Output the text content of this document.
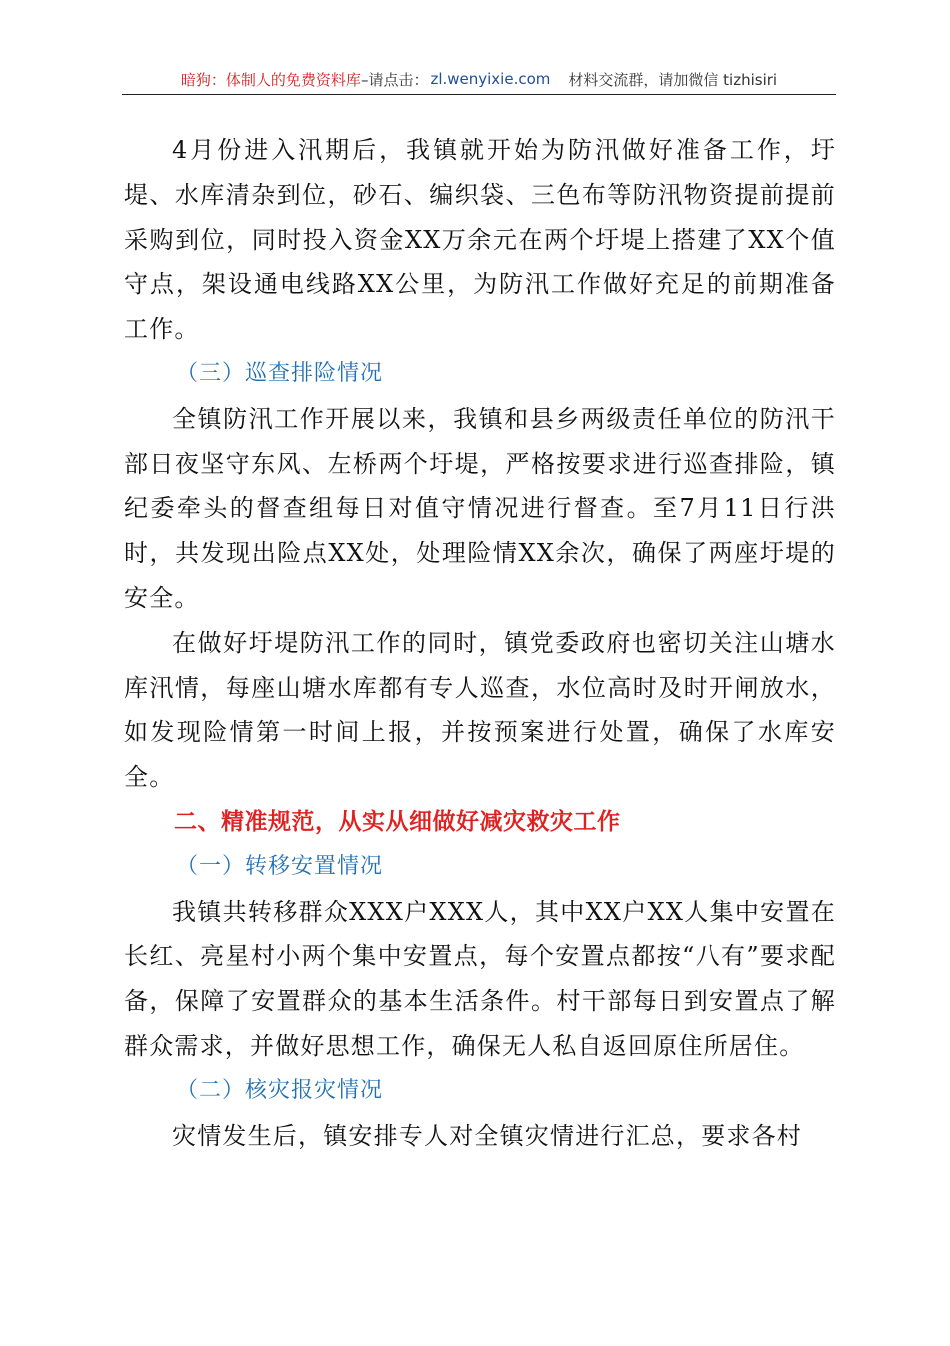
暗狗：体制人的免费资料库 –请点击： zl.wenyixie.com 材料交流群，请加微信 tizhisiri

4月份进入汛期后，我镇就开始为防汛做好准备工作，圩堤、水库清杂到位，砂石、编织袋、三色布等防汛物资提前提前采购到位，同时投入资金XX万余元在两个圩堤上搭建了XX个值守点，架设通电线路XX公里，为防汛工作做好充足的前期准备工作。

（三）巡查排险情况

全镇防汛工作开展以来，我镇和县乡两级责任单位的防汛干部日夜坚守东风、左桥两个圩堤，严格按要求进行巡查排险，镇纪委牵头的督查组每日对值守情况进行督查。至7月11日行洪时，共发现出险点XX处，处理险情XX余次，确保了两座圩堤的安全。

在做好圩堤防汛工作的同时，镇党委政府也密切关注山塘水库汛情，每座山塘水库都有专人巡查，水位高时及时开闸放水，如发现险情第一时间上报，并按预案进行处置，确保了水库安全。

二、精准规范，从实从细做好减灾救灾工作

（一）转移安置情况

我镇共转移群众XXX户XXX人，其中XX户XX人集中安置在长红、亮星村小两个集中安置点，每个安置点都按“八有”要求配备，保障了安置群众的基本生活条件。村干部每日到安置点了解群众需求，并做好思想工作，确保无人私自返回原住所居住。

（二）核灾报灾情况

灾情发生后，镇安排专人对全镇灾情进行汇总，要求各村
